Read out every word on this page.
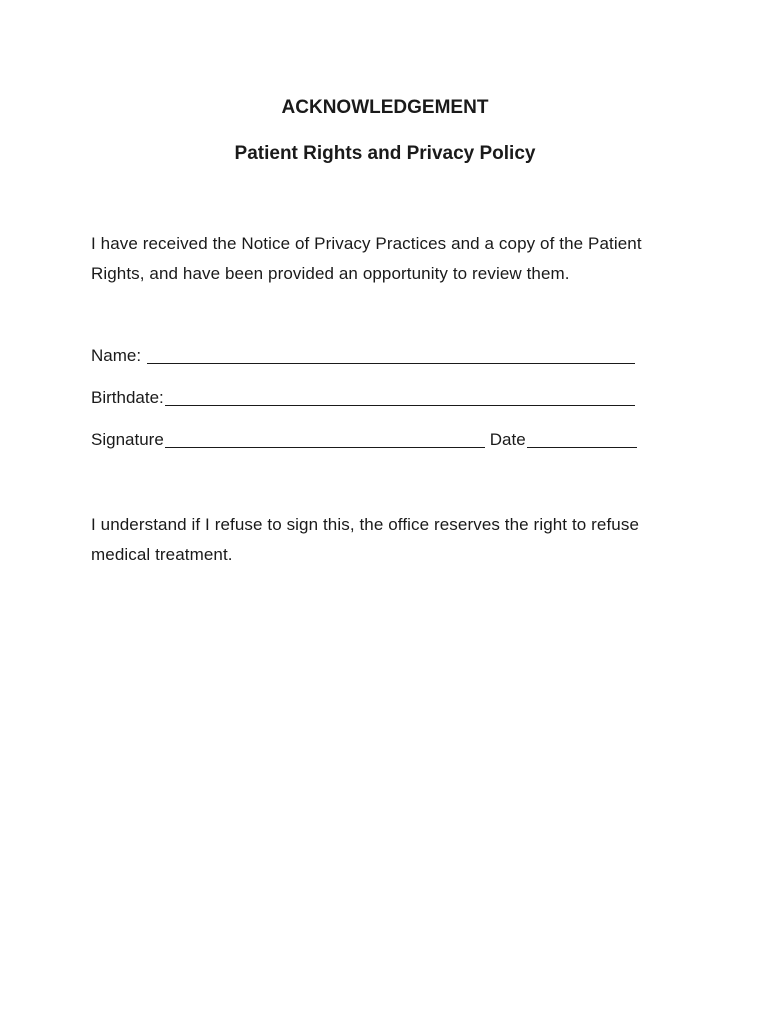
ACKNOWLEDGEMENT
Patient Rights and Privacy Policy

I have received the Notice of Privacy Practices and a copy of the Patient Rights, and have been provided an opportunity to review them.

Name:
Birthdate:
Signature	Date

I understand if I refuse to sign this, the office reserves the right to refuse medical treatment.
